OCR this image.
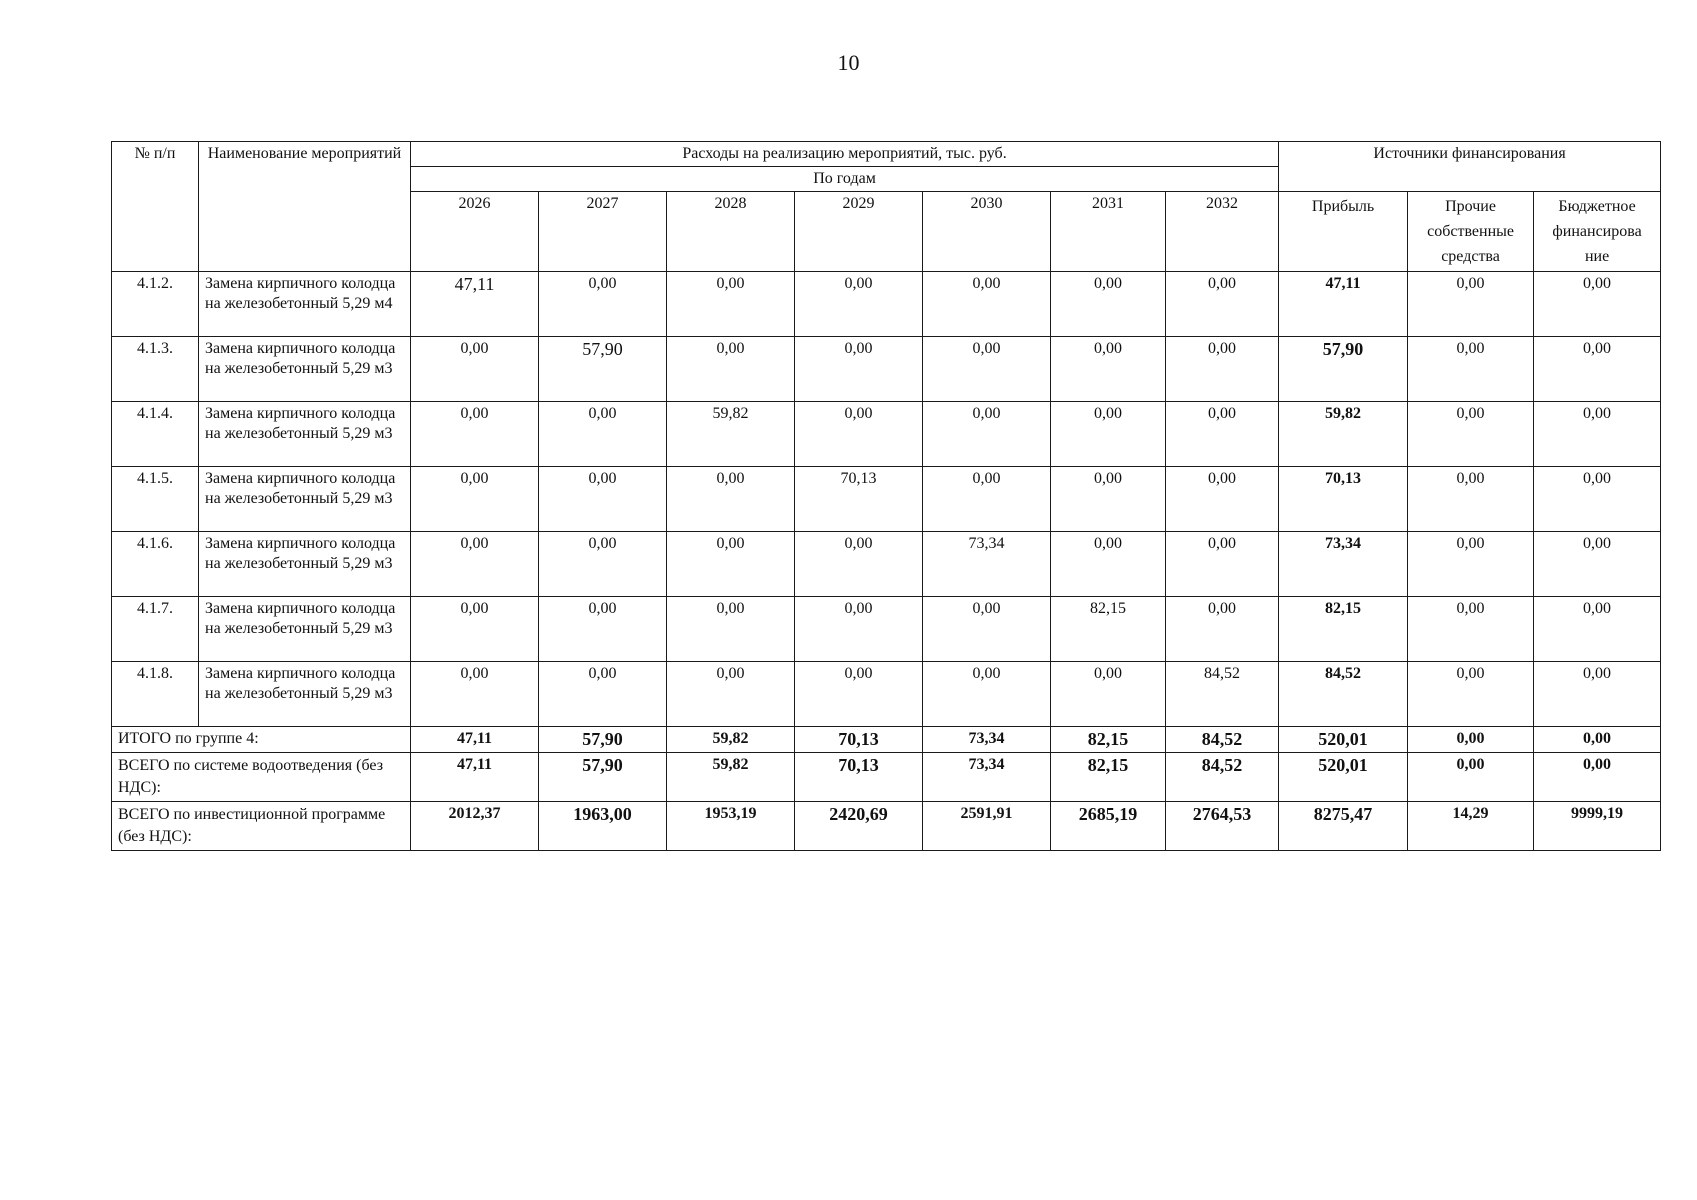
10
№ п/п	Наименование мероприятий	Расходы на реализацию мероприятий, тыс. руб.							Источники финансирования		
		По годам									
		2026	2027	2028	2029	2030	2031	2032	Прибыль	Прочие собственные средства	Бюджетное финансирова ние
4.1.2.	Замена кирпичного колодца на железобетонный 5,29 м4	47,11	0,00	0,00	0,00	0,00	0,00	0,00	47,11	0,00	0,00
4.1.3.	Замена кирпичного колодца на железобетонный 5,29 м3	0,00	57,90	0,00	0,00	0,00	0,00	0,00	57,90	0,00	0,00
4.1.4.	Замена кирпичного колодца на железобетонный 5,29 м3	0,00	0,00	59,82	0,00	0,00	0,00	0,00	59,82	0,00	0,00
4.1.5.	Замена кирпичного колодца на железобетонный 5,29 м3	0,00	0,00	0,00	70,13	0,00	0,00	0,00	70,13	0,00	0,00
4.1.6.	Замена кирпичного колодца на железобетонный 5,29 м3	0,00	0,00	0,00	0,00	73,34	0,00	0,00	73,34	0,00	0,00
4.1.7.	Замена кирпичного колодца на железобетонный 5,29 м3	0,00	0,00	0,00	0,00	0,00	82,15	0,00	82,15	0,00	0,00
4.1.8.	Замена кирпичного колодца на железобетонный 5,29 м3	0,00	0,00	0,00	0,00	0,00	0,00	84,52	84,52	0,00	0,00
ИТОГО по группе 4:		47,11	57,90	59,82	70,13	73,34	82,15	84,52	520,01	0,00	0,00
ВСЕГО по системе водоотведения (без НДС):		47,11	57,90	59,82	70,13	73,34	82,15	84,52	520,01	0,00	0,00
ВСЕГО по инвестиционной программе (без НДС):		2012,37	1963,00	1953,19	2420,69	2591,91	2685,19	2764,53	8275,47	14,29	9999,19
